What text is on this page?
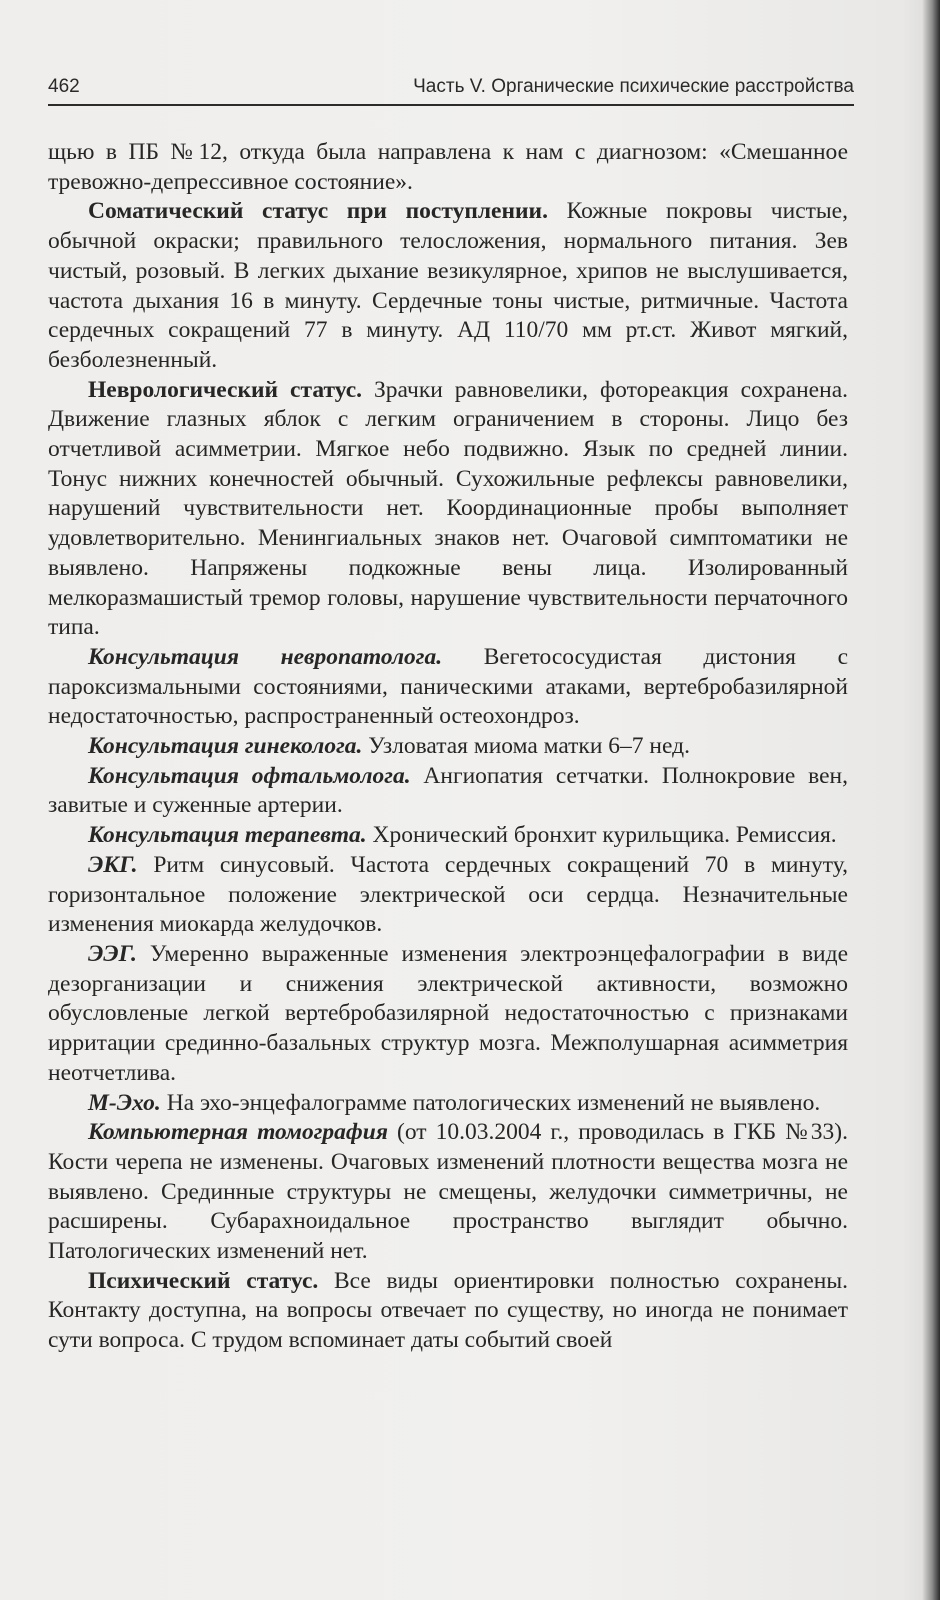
462	Часть V. Органические психические расстройства

щью в ПБ №12, откуда была направлена к нам с диагнозом: «Смешанное тревожно-депрессивное состояние».

Соматический статус при поступлении. Кожные покровы чистые, обычной окраски; правильного телосложения, нормального питания. Зев чистый, розовый. В легких дыхание везикулярное, хрипов не выслушивается, частота дыхания 16 в минуту. Сердечные тоны чистые, ритмичные. Частота сердечных сокращений 77 в минуту. АД 110/70 мм рт.ст. Живот мягкий, безболезненный.

Неврологический статус. Зрачки равновелики, фотореакция сохранена. Движение глазных яблок с легким ограничением в стороны. Лицо без отчетливой асимметрии. Мягкое небо подвижно. Язык по средней линии. Тонус нижних конечностей обычный. Сухожильные рефлексы равновелики, нарушений чувствительности нет. Координационные пробы выполняет удовлетворительно. Менингиальных знаков нет. Очаговой симптоматики не выявлено. Напряжены подкожные вены лица. Изолированный мелкоразмашистый тремор головы, нарушение чувствительности перчаточного типа.

Консультация невропатолога. Вегетососудистая дистония с пароксизмальными состояниями, паническими атаками, вертебробазилярной недостаточностью, распространенный остеохондроз.

Консультация гинеколога. Узловатая миома матки 6–7 нед.

Консультация офтальмолога. Ангиопатия сетчатки. Полнокровие вен, завитые и суженные артерии.

Консультация терапевта. Хронический бронхит курильщика. Ремиссия.

ЭКГ. Ритм синусовый. Частота сердечных сокращений 70 в минуту, горизонтальное положение электрической оси сердца. Незначительные изменения миокарда желудочков.

ЭЭГ. Умеренно выраженные изменения электроэнцефалографии в виде дезорганизации и снижения электрической активности, возможно обусловленые легкой вертебробазилярной недостаточностью с признаками ирритации срединно-базальных структур мозга. Межполушарная асимметрия неотчетлива.

М-Эхо. На эхо-энцефалограмме патологических изменений не выявлено.

Компьютерная томография (от 10.03.2004 г., проводилась в ГКБ №33). Кости черепа не изменены. Очаговых изменений плотности вещества мозга не выявлено. Срединные структуры не смещены, желудочки симметричны, не расширены. Субарахноидальное пространство выглядит обычно. Патологических изменений нет.

Психический статус. Все виды ориентировки полностью сохранены. Контакту доступна, на вопросы отвечает по существу, но иногда не понимает сути вопроса. С трудом вспоминает даты событий своей
